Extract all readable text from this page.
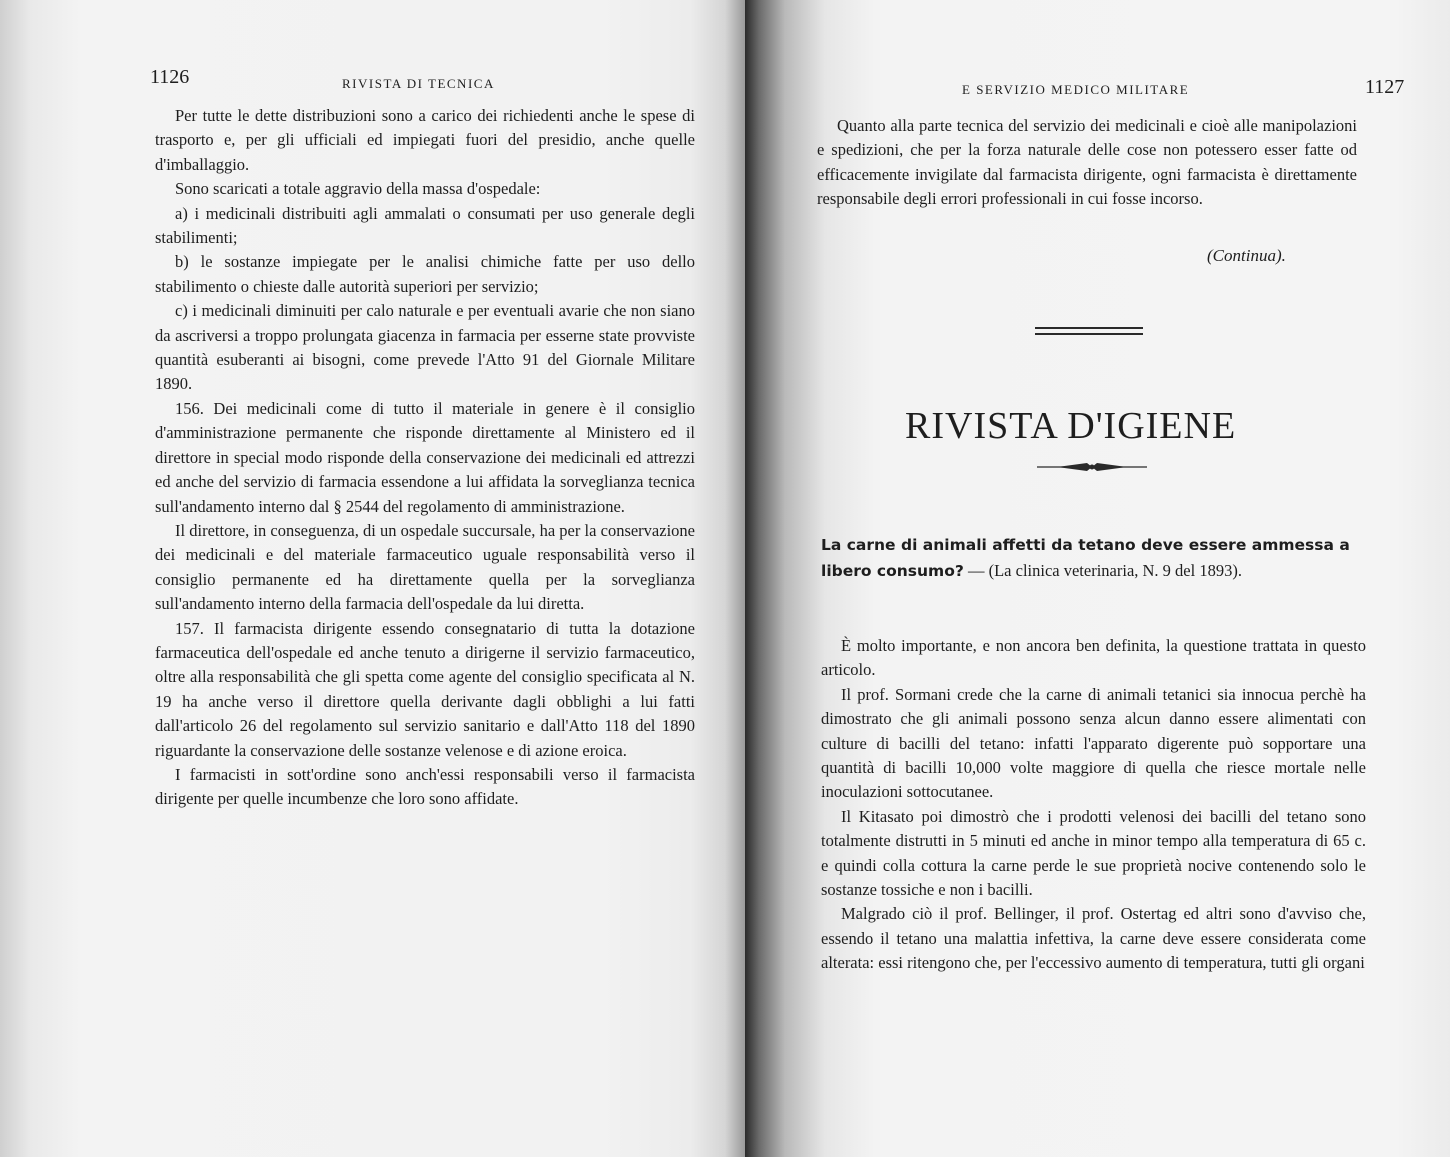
1126	RIVISTA DI TECNICA

Per tutte le dette distribuzioni sono a carico dei richiedenti anche le spese di trasporto e, per gli ufficiali ed impiegati fuori del presidio, anche quelle d'imballaggio.

Sono scaricati a totale aggravio della massa d'ospedale:

a) i medicinali distribuiti agli ammalati o consumati per uso generale degli stabilimenti;

b) le sostanze impiegate per le analisi chimiche fatte per uso dello stabilimento o chieste dalle autorità superiori per servizio;

c) i medicinali diminuiti per calo naturale e per eventuali avarie che non siano da ascriversi a troppo prolungata giacenza in farmacia per esserne state provviste quantità esuberanti ai bisogni, come prevede l'Atto 91 del Giornale Militare 1890.

156. Dei medicinali come di tutto il materiale in genere è il consiglio d'amministrazione permanente che risponde direttamente al Ministero ed il direttore in special modo risponde della conservazione dei medicinali ed attrezzi ed anche del servizio di farmacia essendone a lui affidata la sorveglianza tecnica sull'andamento interno dal § 2544 del regolamento di amministrazione.

Il direttore, in conseguenza, di un ospedale succursale, ha per la conservazione dei medicinali e del materiale farmaceutico uguale responsabilità verso il consiglio permanente ed ha direttamente quella per la sorveglianza sull'andamento interno della farmacia dell'ospedale da lui diretta.

157. Il farmacista dirigente essendo consegnatario di tutta la dotazione farmaceutica dell'ospedale ed anche tenuto a dirigerne il servizio farmaceutico, oltre alla responsabilità che gli spetta come agente del consiglio specificata al N. 19 ha anche verso il direttore quella derivante dagli obblighi a lui fatti dall'articolo 26 del regolamento sul servizio sanitario e dall'Atto 118 del 1890 riguardante la conservazione delle sostanze velenose e di azione eroica.

I farmacisti in sott'ordine sono anch'essi responsabili verso il farmacista dirigente per quelle incumbenze che loro sono affidate.

E SERVIZIO MEDICO MILITARE	1127

Quanto alla parte tecnica del servizio dei medicinali e cioè alle manipolazioni e spedizioni, che per la forza naturale delle cose non potessero esser fatte od efficacemente invigilate dal farmacista dirigente, ogni farmacista è direttamente responsabile degli errori professionali in cui fosse incorso.

(Continua).
RIVISTA D'IGIENE
La carne di animali affetti da tetano deve essere ammessa a libero consumo? — (La clinica veterinaria, N. 9 del 1893).

È molto importante, e non ancora ben definita, la questione trattata in questo articolo.

Il prof. Sormani crede che la carne di animali tetanici sia innocua perchè ha dimostrato che gli animali possono senza alcun danno essere alimentati con culture di bacilli del tetano: infatti l'apparato digerente può sopportare una quantità di bacilli 10,000 volte maggiore di quella che riesce mortale nelle inoculazioni sottocutanee.

Il Kitasato poi dimostrò che i prodotti velenosi dei bacilli del tetano sono totalmente distrutti in 5 minuti ed anche in minor tempo alla temperatura di 65 c. e quindi colla cottura la carne perde le sue proprietà nocive contenendo solo le sostanze tossiche e non i bacilli.

Malgrado ciò il prof. Bellinger, il prof. Ostertag ed altri sono d'avviso che, essendo il tetano una malattia infettiva, la carne deve essere considerata come alterata: essi ritengono che, per l'eccessivo aumento di temperatura, tutti gli organi
